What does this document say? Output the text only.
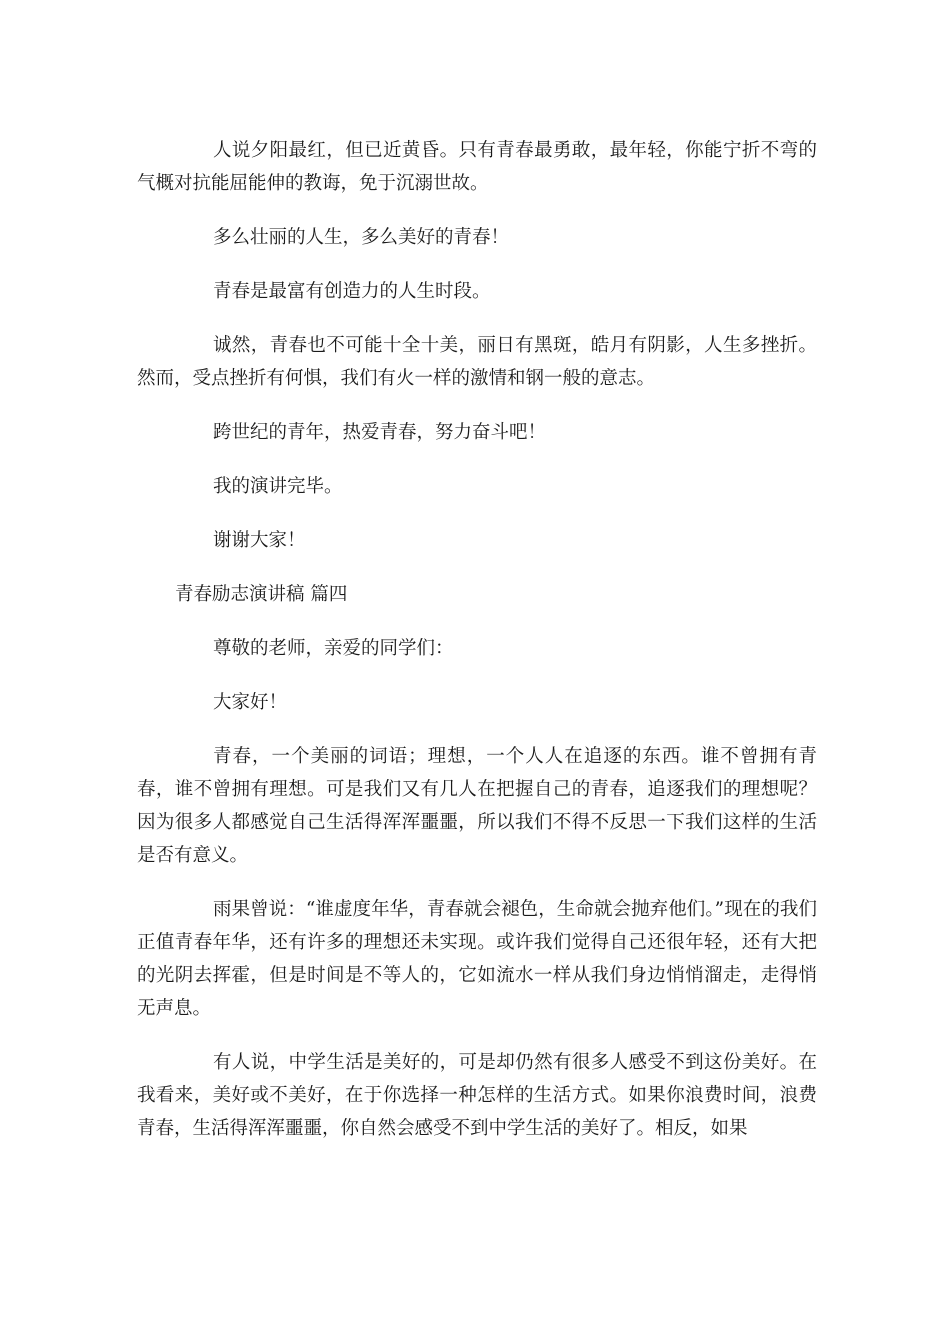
人说夕阳最红，但已近黄昏。只有青春最勇敢，最年轻，你能宁折不弯的气概对抗能屈能伸的教诲，免于沉溺世故。

多么壮丽的人生，多么美好的青春！

青春是最富有创造力的人生时段。

诚然，青春也不可能十全十美，丽日有黑斑，皓月有阴影，人生多挫折。然而，受点挫折有何惧，我们有火一样的激情和钢一般的意志。

跨世纪的青年，热爱青春，努力奋斗吧！

我的演讲完毕。

谢谢大家！

青春励志演讲稿 篇四

尊敬的老师，亲爱的同学们：

大家好！

青春，一个美丽的词语；理想，一个人人在追逐的东西。谁不曾拥有青春，谁不曾拥有理想。可是我们又有几人在把握自己的青春，追逐我们的理想呢？因为很多人都感觉自己生活得浑浑噩噩，所以我们不得不反思一下我们这样的生活是否有意义。

雨果曾说：“谁虚度年华，青春就会褪色，生命就会抛弃他们。”现在的我们正值青春年华，还有许多的理想还未实现。或许我们觉得自己还很年轻，还有大把的光阴去挥霍，但是时间是不等人的，它如流水一样从我们身边悄悄溜走，走得悄无声息。

有人说，中学生活是美好的，可是却仍然有很多人感受不到这份美好。在我看来，美好或不美好，在于你选择一种怎样的生活方式。如果你浪费时间，浪费青春，生活得浑浑噩噩，你自然会感受不到中学生活的美好了。相反，如果
